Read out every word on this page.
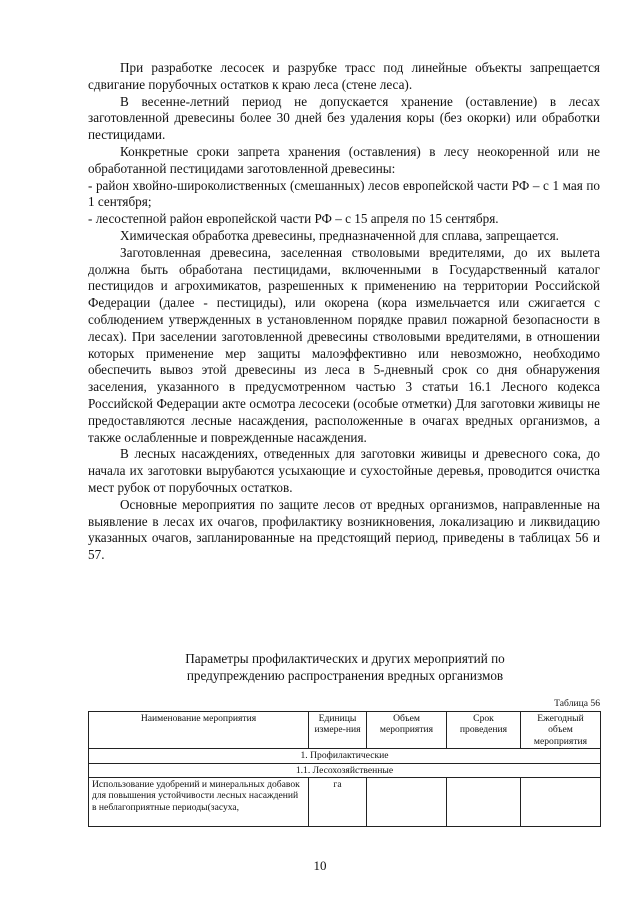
При разработке лесосек и разрубке трасс под линейные объекты запрещается сдвигание порубочных остатков к краю леса (стене леса).

В весенне-летний период не допускается хранение (оставление) в лесах заготовленной древесины более 30 дней без удаления коры (без окорки) или обработки пестицидами.

Конкретные сроки запрета хранения (оставления) в лесу неокоренной или не обработанной пестицидами заготовленной древесины:

- район хвойно-широколиственных (смешанных) лесов европейской части РФ – с 1 мая по 1 сентября;

- лесостепной район европейской части РФ – с 15 апреля по 15 сентября.

Химическая обработка древесины, предназначенной для сплава, запрещается.

Заготовленная древесина, заселенная стволовыми вредителями, до их вылета должна быть обработана пестицидами, включенными в Государственный каталог пестицидов и агрохимикатов, разрешенных к применению на территории Российской Федерации (далее - пестициды), или окорена (кора измельчается или сжигается с соблюдением утвержденных в установленном порядке правил пожарной безопасности в лесах). При заселении заготовленной древесины стволовыми вредителями, в отношении которых применение мер защиты малоэффективно или невозможно, необходимо обеспечить вывоз этой древесины из леса в 5-дневный срок со дня обнаружения заселения, указанного в предусмотренном частью 3 статьи 16.1 Лесного кодекса Российской Федерации акте осмотра лесосеки (особые отметки) Для заготовки живицы не предоставляются лесные насаждения, расположенные в очагах вредных организмов, а также ослабленные и поврежденные насаждения.

В лесных насаждениях, отведенных для заготовки живицы и древесного сока, до начала их заготовки вырубаются усыхающие и сухостойные деревья, проводится очистка мест рубок от порубочных остатков.

Основные мероприятия по защите лесов от вредных организмов, направленные на выявление в лесах их очагов, профилактику возникновения, локализацию и ликвидацию указанных очагов, запланированные на предстоящий период, приведены в таблицах 56 и 57.

Параметры профилактических и других мероприятий по
предупреждению распространения вредных организмов
Таблица 56
Наименование мероприятия	Единицы измере-ния	Объем мероприятия	Срок проведения	Ежегодный объем мероприятия
1. Профилактические				
1.1. Лесохозяйственные				
Использование удобрений и минеральных добавок для повышения устойчивости лесных насаждений в неблагоприятные периоды(засуха,	га			
10
